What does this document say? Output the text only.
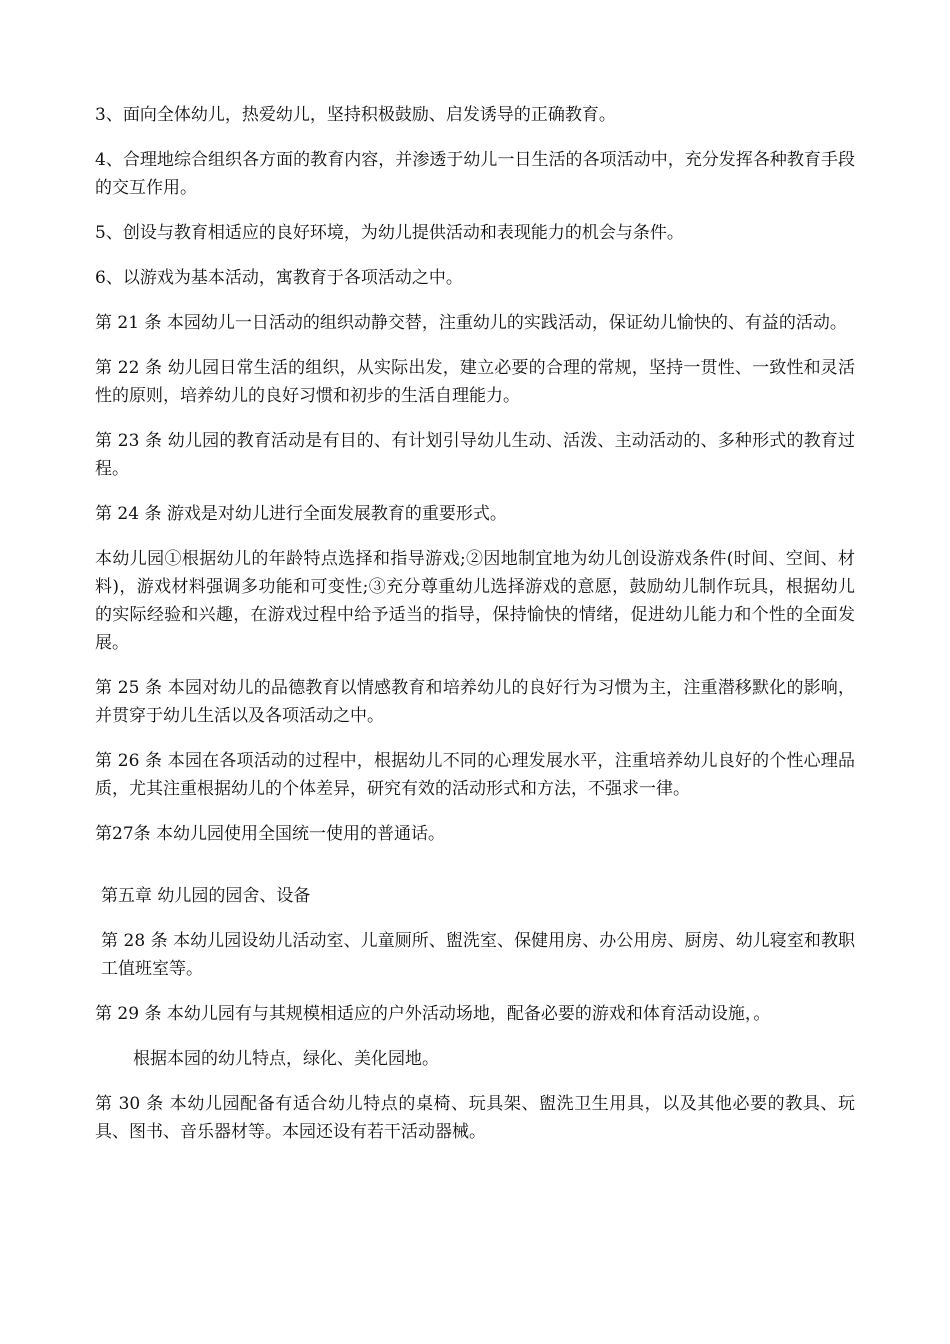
3、面向全体幼儿，热爱幼儿，坚持积极鼓励、启发诱导的正确教育。

4、合理地综合组织各方面的教育内容，并渗透于幼儿一日生活的各项活动中，充分发挥各种教育手段的交互作用。

5、创设与教育相适应的良好环境，为幼儿提供活动和表现能力的机会与条件。

6、以游戏为基本活动，寓教育于各项活动之中。

第 21 条 本园幼儿一日活动的组织动静交替，注重幼儿的实践活动，保证幼儿愉快的、有益的活动。

第 22 条 幼儿园日常生活的组织，从实际出发，建立必要的合理的常规，坚持一贯性、一致性和灵活性的原则，培养幼儿的良好习惯和初步的生活自理能力。

第 23 条 幼儿园的教育活动是有目的、有计划引导幼儿生动、活泼、主动活动的、多种形式的教育过程。

第 24 条 游戏是对幼儿进行全面发展教育的重要形式。

本幼儿园①根据幼儿的年龄特点选择和指导游戏;②因地制宜地为幼儿创设游戏条件(时间、空间、材料)，游戏材料强调多功能和可变性;③充分尊重幼儿选择游戏的意愿，鼓励幼儿制作玩具，根据幼儿的实际经验和兴趣，在游戏过程中给予适当的指导，保持愉快的情绪，促进幼儿能力和个性的全面发展。

第 25 条 本园对幼儿的品德教育以情感教育和培养幼儿的良好行为习惯为主，注重潜移默化的影响，并贯穿于幼儿生活以及各项活动之中。

第 26 条 本园在各项活动的过程中，根据幼儿不同的心理发展水平，注重培养幼儿良好的个性心理品质，尤其注重根据幼儿的个体差异，研究有效的活动形式和方法，不强求一律。

第27条 本幼儿园使用全国统一使用的普通话。

第五章 幼儿园的园舍、设备

第 28 条 本幼儿园设幼儿活动室、儿童厕所、盥洗室、保健用房、办公用房、厨房、幼儿寝室和教职工值班室等。

第 29 条 本幼儿园有与其规模相适应的户外活动场地，配备必要的游戏和体育活动设施，。

根据本园的幼儿特点，绿化、美化园地。

第 30 条 本幼儿园配备有适合幼儿特点的桌椅、玩具架、盥洗卫生用具，以及其他必要的教具、玩具、图书、音乐器材等。本园还设有若干活动器械。
